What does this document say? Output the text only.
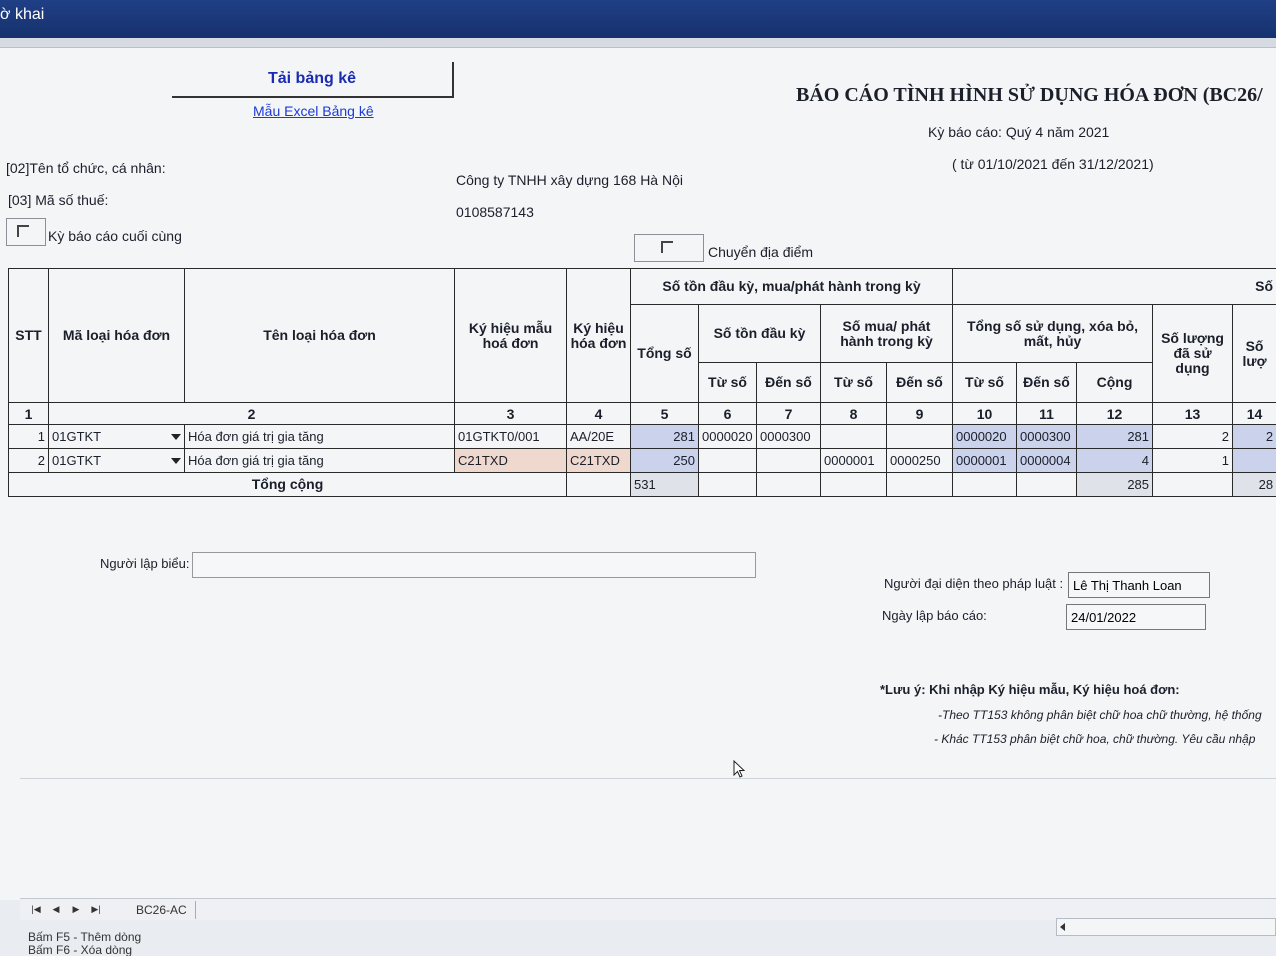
ờ khai
Tải bảng kê
Mẫu Excel Bảng kê
BÁO CÁO TÌNH HÌNH SỬ DỤNG HÓA ĐƠN (BC26/
Kỳ báo cáo: Quý 4 năm 2021
( từ 01/10/2021 đến 31/12/2021)
[02]Tên tổ chức, cá nhân:
Công ty TNHH xây dựng 168 Hà Nội
[03] Mã số thuế:
0108587143
Kỳ báo cáo cuối cùng
Chuyển địa điểm
STT	Mã loại hóa đơn	Tên loại hóa đơn	Ký hiệu mẫu hoá đơn	Ký hiệu hóa đơn	Số tồn đầu kỳ, mua/phát hành trong kỳ					Số				
					Tổng số	Số tồn đầu kỳ		Số mua/ phát hành trong kỳ		Tổng số sử dụng, xóa bỏ, mất, hủy			Số lượng đã sử dụng	Số lượ
						Từ số	Đến số	Từ số	Đến số	Từ số	Đến số	Cộng		
1	2		3	4	5	6	7	8	9	10	11	12	13	14
1	01GTKT	Hóa đơn giá trị gia tăng	01GTKT0/001	AA/20E	281	0000020	0000300			0000020	0000300	281	2	2
2	01GTKT	Hóa đơn giá trị gia tăng	C21TXD	C21TXD	250			0000001	0000250	0000001	0000004	4	1	
Tổng cộng					531							285		28
Người lập biểu:
Người đại diện theo pháp luật :
Lê Thị Thanh Loan
Ngày lập báo cáo:
24/01/2022
*Lưu ý: Khi nhập Ký hiệu mẫu, Ký hiệu hoá đơn:
-Theo TT153 không phân biệt chữ hoa chữ thường, hệ thống
- Khác TT153 phân biệt chữ hoa, chữ thường. Yêu cầu nhập
|◀	◀	▶	▶|	BC26-AC
Bấm F5 - Thêm dòng
Bấm F6 - Xóa dòng
